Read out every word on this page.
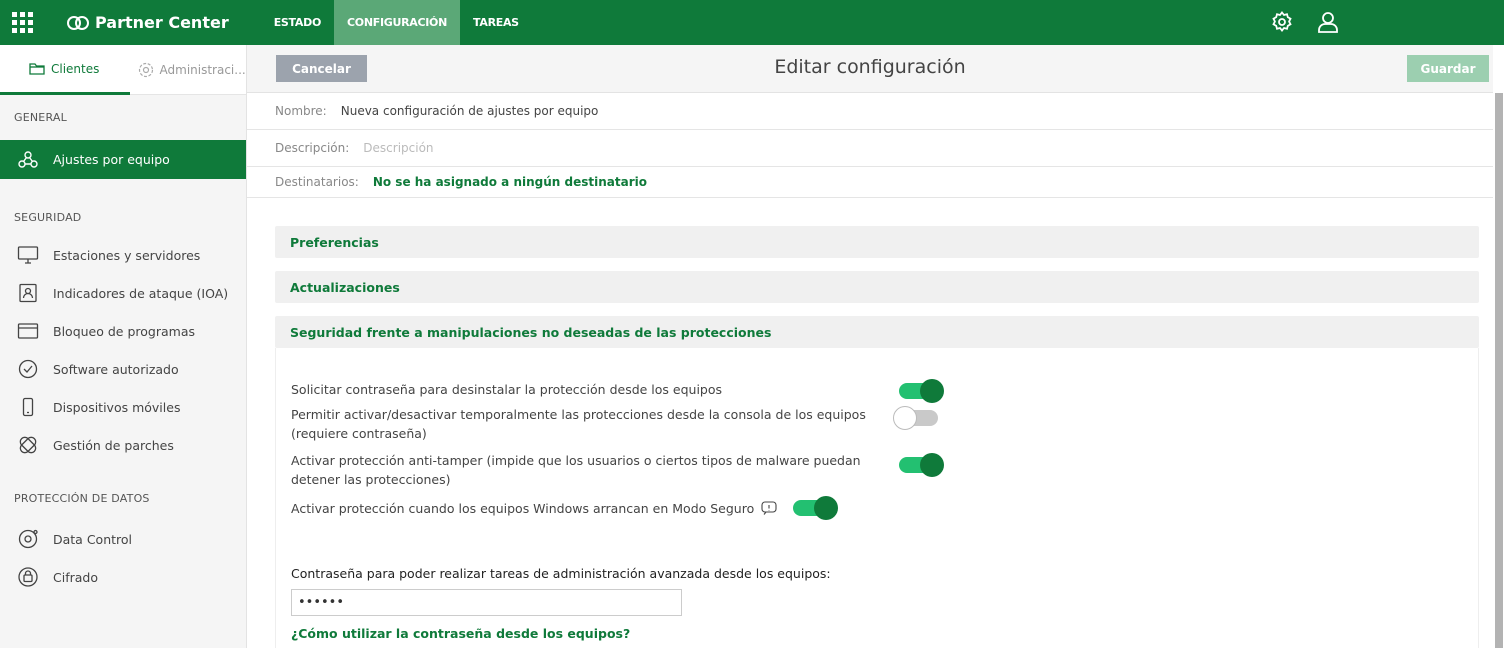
Partner Center	ESTADO	CONFIGURACIÓN	TAREAS
Clientes	Administraci...
GENERAL
Ajustes por equipo
SEGURIDAD
Estaciones y servidores
Indicadores de ataque (IOA)
Bloqueo de programas
Software autorizado
Dispositivos móviles
Gestión de parches
PROTECCIÓN DE DATOS
Data Control
Cifrado
Cancelar	Editar configuración	Guardar
Nombre: Nueva configuración de ajustes por equipo
Descripción: Descripción
Destinatarios: No se ha asignado a ningún destinatario
Preferencias
Actualizaciones
Seguridad frente a manipulaciones no deseadas de las protecciones
Solicitar contraseña para desinstalar la protección desde los equipos
Permitir activar/desactivar temporalmente las protecciones desde la consola de los equipos (requiere contraseña)
Activar protección anti-tamper (impide que los usuarios o ciertos tipos de malware puedan detener las protecciones)
Activar protección cuando los equipos Windows arrancan en Modo Seguro
Contraseña para poder realizar tareas de administración avanzada desde los equipos:
••••••
¿Cómo utilizar la contraseña desde los equipos?
